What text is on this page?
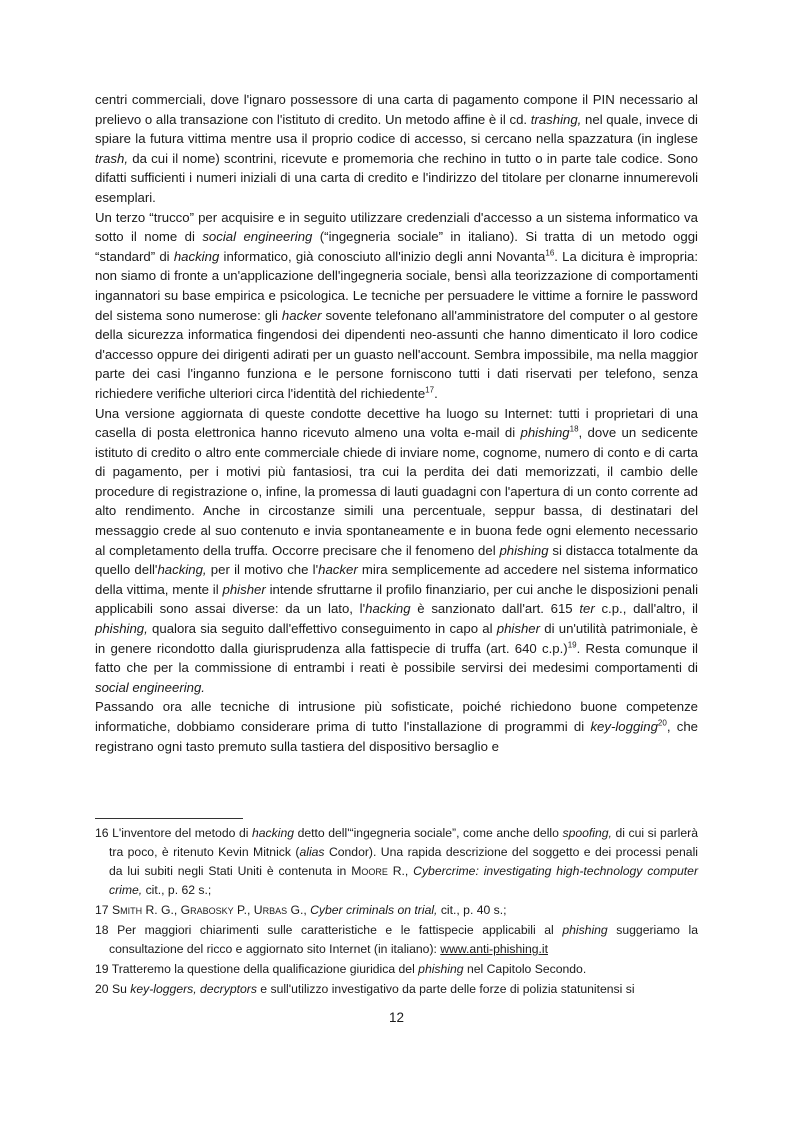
centri commerciali, dove l'ignaro possessore di una carta di pagamento compone il PIN necessario al prelievo o alla transazione con l'istituto di credito. Un metodo affine è il cd. trashing, nel quale, invece di spiare la futura vittima mentre usa il proprio codice di accesso, si cercano nella spazzatura (in inglese trash, da cui il nome) scontrini, ricevute e promemoria che rechino in tutto o in parte tale codice. Sono difatti sufficienti i numeri iniziali di una carta di credito e l'indirizzo del titolare per clonarne innumerevoli esemplari.

Un terzo “trucco” per acquisire e in seguito utilizzare credenziali d'accesso a un sistema informatico va sotto il nome di social engineering (“ingegneria sociale” in italiano). Si tratta di un metodo oggi “standard” di hacking informatico, già conosciuto all'inizio degli anni Novanta$^{16}$. La dicitura è impropria: non siamo di fronte a un'applicazione dell'ingegneria sociale, bensì alla teorizzazione di comportamenti ingannatori su base empirica e psicologica. Le tecniche per persuadere le vittime a fornire le password del sistema sono numerose: gli hacker sovente telefonano all'amministratore del computer o al gestore della sicurezza informatica fingendosi dei dipendenti neo-assunti che hanno dimenticato il loro codice d'accesso oppure dei dirigenti adirati per un guasto nell'account. Sembra impossibile, ma nella maggior parte dei casi l'inganno funziona e le persone forniscono tutti i dati riservati per telefono, senza richiedere verifiche ulteriori circa l'identità del richiedente$^{17}$.

Una versione aggiornata di queste condotte decettive ha luogo su Internet: tutti i proprietari di una casella di posta elettronica hanno ricevuto almeno una volta e-mail di phishing$^{18}$, dove un sedicente istituto di credito o altro ente commerciale chiede di inviare nome, cognome, numero di conto e di carta di pagamento, per i motivi più fantasiosi, tra cui la perdita dei dati memorizzati, il cambio delle procedure di registrazione o, infine, la promessa di lauti guadagni con l'apertura di un conto corrente ad alto rendimento. Anche in circostanze simili una percentuale, seppur bassa, di destinatari del messaggio crede al suo contenuto e invia spontaneamente e in buona fede ogni elemento necessario al completamento della truffa. Occorre precisare che il fenomeno del phishing si distacca totalmente da quello dell'hacking, per il motivo che l'hacker mira semplicemente ad accedere nel sistema informatico della vittima, mente il phisher intende sfruttarne il profilo finanziario, per cui anche le disposizioni penali applicabili sono assai diverse: da un lato, l'hacking è sanzionato dall'art. 615 ter c.p., dall'altro, il phishing, qualora sia seguito dall'effettivo conseguimento in capo al phisher di un'utilità patrimoniale, è in genere ricondotto dalla giurisprudenza alla fattispecie di truffa (art. 640 c.p.)$^{19}$. Resta comunque il fatto che per la commissione di entrambi i reati è possibile servirsi dei medesimi comportamenti di social engineering.

Passando ora alle tecniche di intrusione più sofisticate, poiché richiedono buone competenze informatiche, dobbiamo considerare prima di tutto l'installazione di programmi di key-logging$^{20}$, che registrano ogni tasto premuto sulla tastiera del dispositivo bersaglio e

16 L'inventore del metodo di hacking detto dell'“ingegneria sociale”, come anche dello spoofing, di cui si parlerà tra poco, è ritenuto Kevin Mitnick (alias Condor). Una rapida descrizione del soggetto e dei processi penali da lui subiti negli Stati Uniti è contenuta in Moore R., Cybercrime: investigating high-technology computer crime, cit., p. 62 s.;

17 Smith R. G., Grabosky P., Urbas G., Cyber criminals on trial, cit., p. 40 s.;

18 Per maggiori chiarimenti sulle caratteristiche e le fattispecie applicabili al phishing suggeriamo la consultazione del ricco e aggiornato sito Internet (in italiano): www.anti-phishing.it

19 Tratteremo la questione della qualificazione giuridica del phishing nel Capitolo Secondo.

20 Su key-loggers, decryptors e sull'utilizzo investigativo da parte delle forze di polizia statunitensi si

12
